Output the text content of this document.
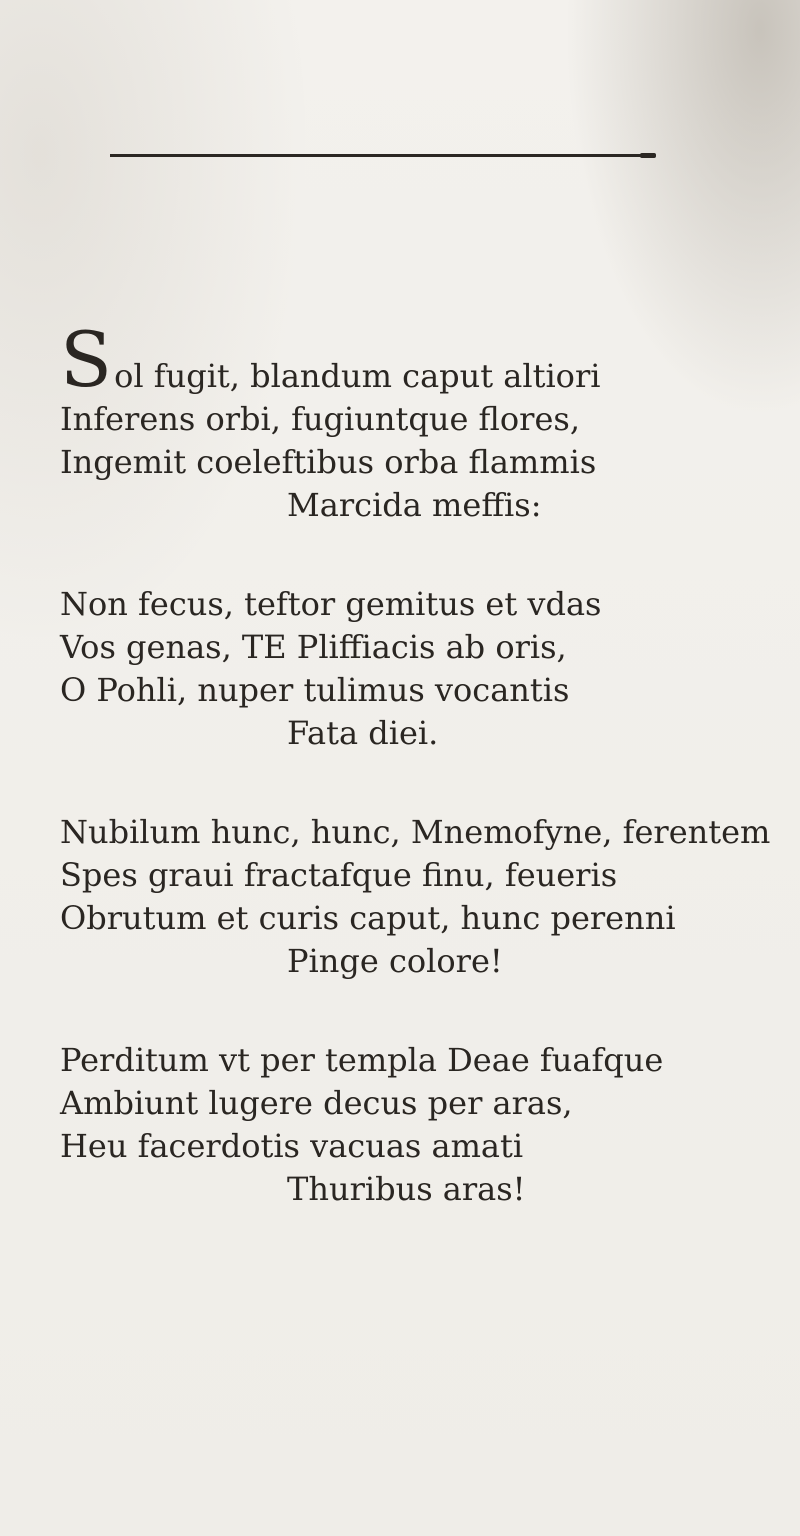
S ol fugit, blandum caput altiori
Inferens orbi, fugiuntque flores,
Ingemit coeleftibus orba flammis
Marcida meffis:
Non fecus, teftor gemitus et vdas
Vos genas, TE Pliffiacis ab oris,
O Pohli, nuper tulimus vocantis
Fata diei.
Nubilum hunc, hunc, Mnemofyne, ferentem
Spes graui fractafque finu, feueris
Obrutum et curis caput, hunc perenni
Pinge colore!
Perditum vt per templa Deae fuafque
Ambiunt lugere decus per aras,
Heu facerdotis vacuas amati
Thuribus aras!
